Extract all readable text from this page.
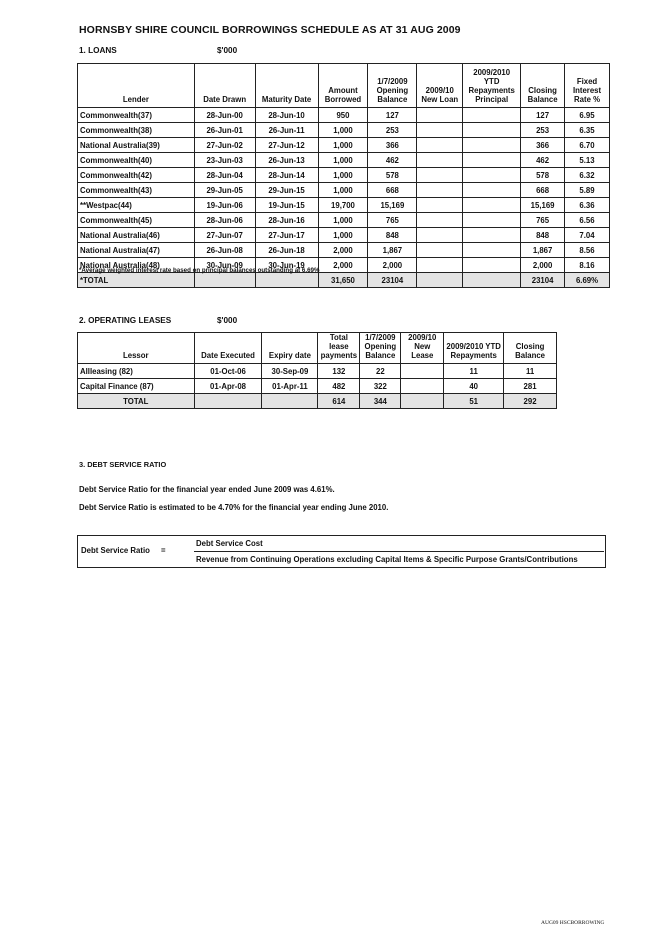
HORNSBY SHIRE COUNCIL BORROWINGS SCHEDULE AS AT 31 AUG 2009
1. LOANS	$'000
Lender	Date Drawn	Maturity Date	Amount Borrowed	1/7/2009 Opening Balance	2009/10 New Loan	2009/2010 YTD Repayments Principal	Closing Balance	Fixed Interest Rate %
Commonwealth(37)	28-Jun-00	28-Jun-10	950	127			127	6.95
Commonwealth(38)	26-Jun-01	26-Jun-11	1,000	253			253	6.35
National Australia(39)	27-Jun-02	27-Jun-12	1,000	366			366	6.70
Commonwealth(40)	23-Jun-03	26-Jun-13	1,000	462			462	5.13
Commonwealth(42)	28-Jun-04	28-Jun-14	1,000	578			578	6.32
Commonwealth(43)	29-Jun-05	29-Jun-15	1,000	668			668	5.89
**Westpac(44)	19-Jun-06	19-Jun-15	19,700	15,169			15,169	6.36
Commonwealth(45)	28-Jun-06	28-Jun-16	1,000	765			765	6.56
National Australia(46)	27-Jun-07	27-Jun-17	1,000	848			848	7.04
National Australia(47)	26-Jun-08	26-Jun-18	2,000	1,867			1,867	8.56
National Australia(48)	30-Jun-09	30-Jun-19	2,000	2,000			2,000	8.16
*TOTAL			31,650	23104			23104	6.69%
*Average weighted interest rate based on principal balances outstanding at 6.69%
2. OPERATING LEASES	$'000
Lessor	Date Executed	Expiry date	Total lease payments	1/7/2009 Opening Balance	2009/10 New Lease	2009/2010 YTD Repayments	Closing Balance
Allleasing (82)	01-Oct-06	30-Sep-09	132	22		11	11
Capital Finance (87)	01-Apr-08	01-Apr-11	482	322		40	281
TOTAL			614	344		51	292
3. DEBT SERVICE RATIO
Debt Service Ratio for the financial year ended June 2009 was 4.61%.
Debt Service Ratio is estimated to be 4.70% for the financial year ending June 2010.
Debt Service Ratio =
Debt Service Cost
Revenue from Continuing Operations excluding Capital Items & Specific Purpose Grants/Contributions
AUG09 HSCBORROWING
